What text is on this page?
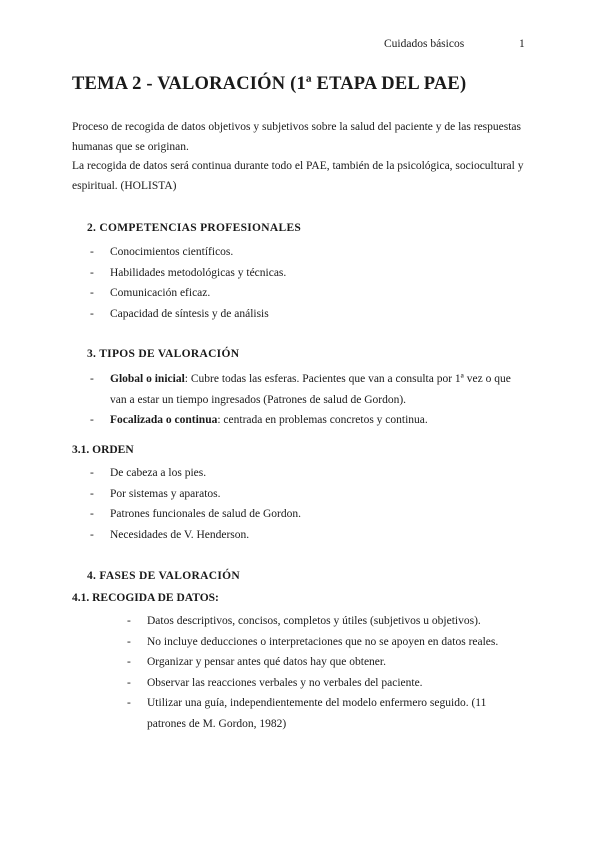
Cuidados básicos	1
TEMA 2 - VALORACIÓN (1ª ETAPA DEL PAE)

Proceso de recogida de datos objetivos y subjetivos sobre la salud del paciente y de las respuestas humanas que se originan.

La recogida de datos será continua durante todo el PAE, también de la psicológica, sociocultural y espiritual. (HOLISTA)

2. COMPETENCIAS PROFESIONALES
- Conocimientos científicos.
- Habilidades metodológicas y técnicas.
- Comunicación eficaz.
- Capacidad de síntesis y de análisis
3. TIPOS DE VALORACIÓN
- Global o inicial: Cubre todas las esferas. Pacientes que van a consulta por 1ª vez o que van a estar un tiempo ingresados (Patrones de salud de Gordon).
- Focalizada o continua: centrada en problemas concretos y continua.
3.1. ORDEN
- De cabeza a los pies.
- Por sistemas y aparatos.
- Patrones funcionales de salud de Gordon.
- Necesidades de V. Henderson.
4. FASES DE VALORACIÓN
4.1. RECOGIDA DE DATOS:
- Datos descriptivos, concisos, completos y útiles (subjetivos u objetivos).
- No incluye deducciones o interpretaciones que no se apoyen en datos reales.
- Organizar y pensar antes qué datos hay que obtener.
- Observar las reacciones verbales y no verbales del paciente.
- Utilizar una guía, independientemente del modelo enfermero seguido. (11 patrones de M. Gordon, 1982)
